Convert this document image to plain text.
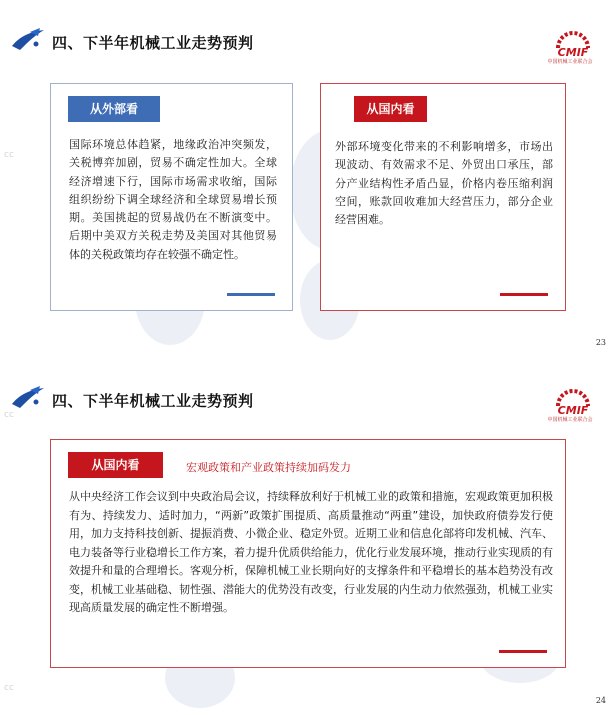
四、下半年机械工业走势预判
CMIF
中国机械工业联合会
cc
从外部看
国际环境总体趋紧，地缘政治冲突频发，关税博弈加剧，贸易不确定性加大。全球经济增速下行，国际市场需求收缩，国际组织纷纷下调全球经济和全球贸易增长预期。美国挑起的贸易战仍在不断演变中。后期中美双方关税走势及美国对其他贸易体的关税政策均存在较强不确定性。
从国内看
外部环境变化带来的不利影响增多，市场出现波动、有效需求不足、外贸出口承压，部分产业结构性矛盾凸显，价格内卷压缩利润空间，账款回收难加大经营压力，部分企业经营困难。
23
四、下半年机械工业走势预判
CMIF
中国机械工业联合会
cc
cc
从国内看	宏观政策和产业政策持续加码发力
从中央经济工作会议到中央政治局会议，持续释放利好于机械工业的政策和措施，宏观政策更加积极有为、持续发力、适时加力，“两新”政策扩围提质、高质量推动“两重”建设，加快政府债券发行使用，加力支持科技创新、提振消费、小微企业、稳定外贸。近期工业和信息化部将印发机械、汽车、电力装备等行业稳增长工作方案，着力提升优质供给能力，优化行业发展环境，推动行业实现质的有效提升和量的合理增长。客观分析，保障机械工业长期向好的支撑条件和平稳增长的基本趋势没有改变，机械工业基础稳、韧性强、潜能大的优势没有改变，行业发展的内生动力依然强劲，机械工业实现高质量发展的确定性不断增强。
24
